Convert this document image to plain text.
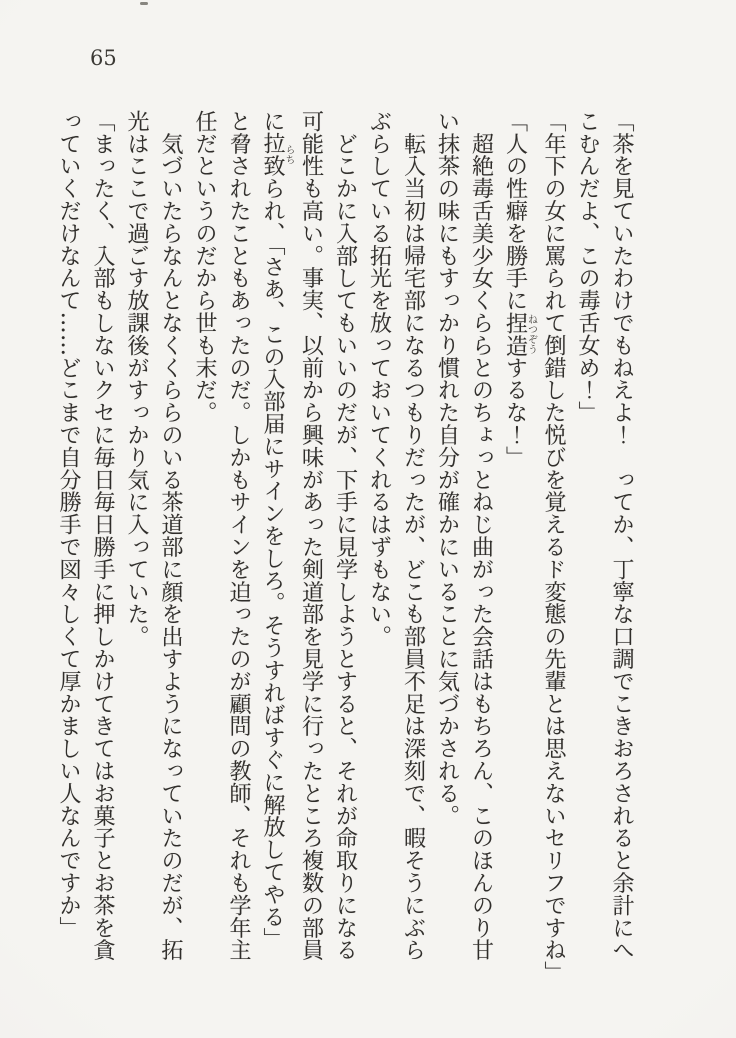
65

「茶を見ていたわけでもねえよ！　ってか、丁寧な口調でこきおろされると余計にへ

こむんだよ、この毒舌女め！」

「年下の女に罵られて倒錯した悦びを覚えるド変態の先輩とは思えないセリフですね」

「人の性癖を勝手に捏造ねつぞうするな！」

　超絶毒舌美少女くららとのちょっとねじ曲がった会話はもちろん、このほんのり甘

い抹茶の味にもすっかり慣れた自分が確かにいることに気づかされる。

　転入当初は帰宅部になるつもりだったが、どこも部員不足は深刻で、暇そうにぶら

ぶらしている拓光を放っておいてくれるはずもない。

　どこかに入部してもいいのだが、下手に見学しようとすると、それが命取りになる

可能性も高い。事実、以前から興味があった剣道部を見学に行ったところ複数の部員

に拉致らちられ、「さあ、この入部届にサインをしろ。そうすればすぐに解放してやる」

と脅されたこともあったのだ。しかもサインを迫ったのが顧問の教師、それも学年主

任だというのだから世も末だ。

　気づいたらなんとなくくららのいる茶道部に顔を出すようになっていたのだが、拓

光はここで過ごす放課後がすっかり気に入っていた。

「まったく、入部もしないクセに毎日毎日勝手に押しかけてきてはお菓子とお茶を貪

っていくだけなんて……どこまで自分勝手で図々しくて厚かましい人なんですか」
